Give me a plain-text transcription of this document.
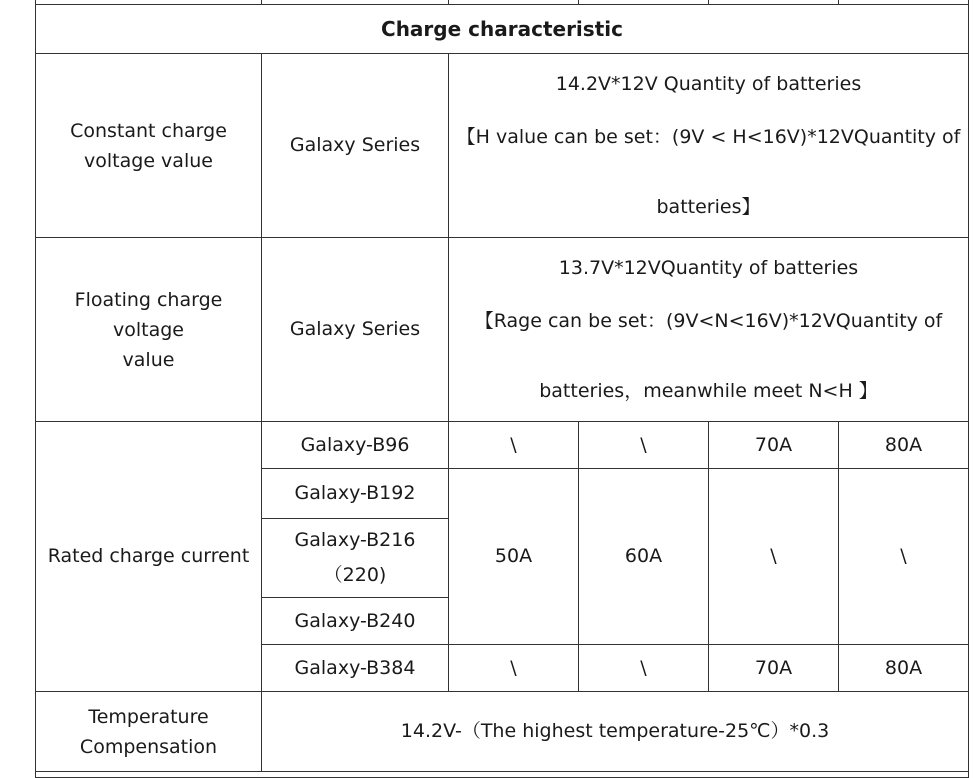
Charge characteristic					

Constant charge
voltage value	Galaxy Series	14.2V*12V Quantity of batteries
【H value can be set：(9V < H<16V)*12VQuantity of
batteries】			

Floating charge voltage
value	Galaxy Series	13.7V*12VQuantity of batteries
【Rage can be set：(9V<N<16V)*12VQuantity of
batteries，meanwhile meet N<H 】			

Rated charge current	Galaxy-B96	\	\	70A	80A
	Galaxy-B192	50A	60A	\	\
	Galaxy-B216（220)				
	Galaxy-B240				
	Galaxy-B384	\	\	70A	80A

Temperature
Compensation	14.2V-（The highest temperature-25℃）*0.3				
